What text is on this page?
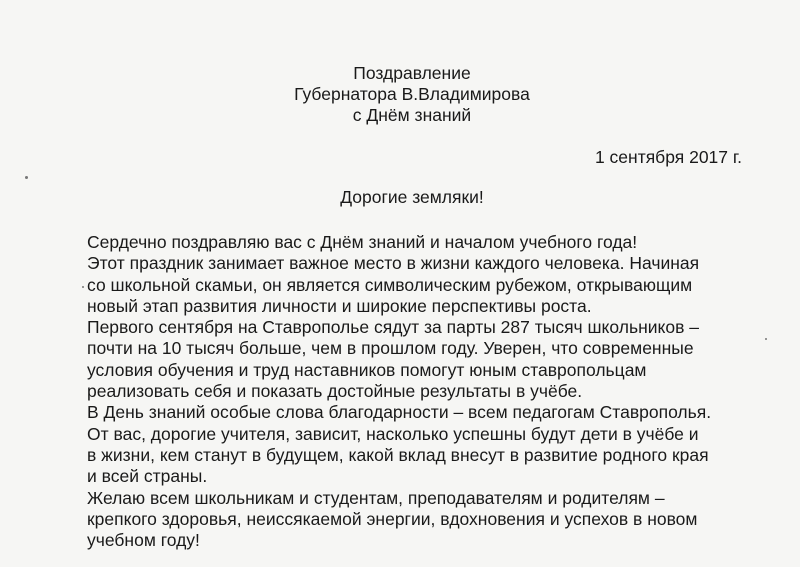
Поздравление
Губернатора В.Владимирова
с Днём знаний
1 сентября 2017 г.
Дорогие земляки!
Сердечно поздравляю вас с Днём знаний и началом учебного года!
Этот праздник занимает важное место в жизни каждого человека. Начиная
со школьной скамьи, он является символическим рубежом, открывающим
новый этап развития личности и широкие перспективы роста.
Первого сентября на Ставрополье сядут за парты 287 тысяч школьников –
почти на 10 тысяч больше, чем в прошлом году. Уверен, что современные
условия обучения и труд наставников помогут юным ставропольцам
реализовать себя и показать достойные результаты в учёбе.
В День знаний особые слова благодарности – всем педагогам Ставрополья.
От вас, дорогие учителя, зависит, насколько успешны будут дети в учёбе и
в жизни, кем станут в будущем, какой вклад внесут в развитие родного края
и всей страны.
Желаю всем школьникам и студентам, преподавателям и родителям –
крепкого здоровья, неиссякаемой энергии, вдохновения и успехов в новом
учебном году!
